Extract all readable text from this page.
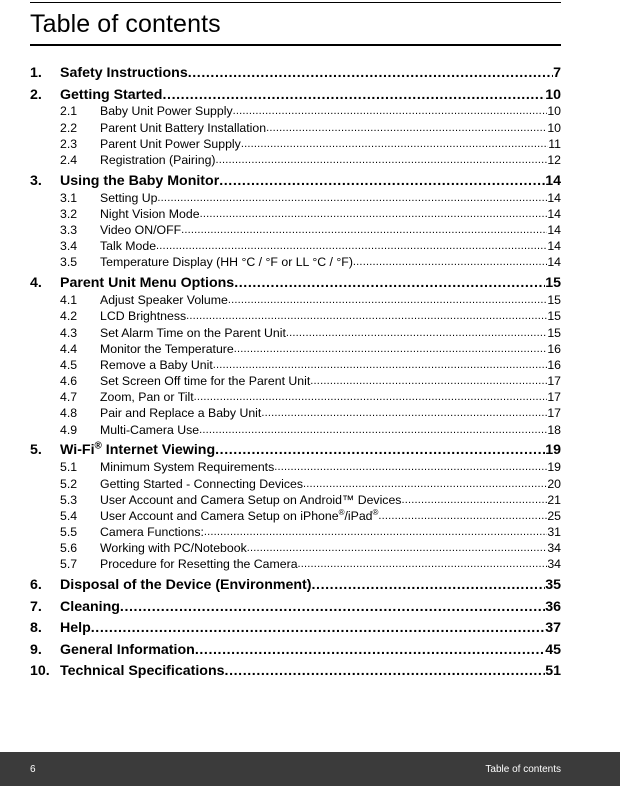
Table of contents
1.	Safety Instructions .....	7
2.	Getting Started .....	10
2.1	Baby Unit Power Supply .....	10
2.2	Parent Unit Battery Installation .....	10
2.3	Parent Unit Power Supply .....	11
2.4	Registration (Pairing) .....	12
3.	Using the Baby Monitor .....	14
3.1	Setting Up .....	14
3.2	Night Vision Mode .....	14
3.3	Video ON/OFF .....	14
3.4	Talk Mode .....	14
3.5	Temperature Display (HH °C / °F or LL °C / °F) .....	14
4.	Parent Unit Menu Options .....	15
4.1	Adjust Speaker Volume .....	15
4.2	LCD Brightness .....	15
4.3	Set Alarm Time on the Parent Unit .....	15
4.4	Monitor the Temperature .....	16
4.5	Remove a Baby Unit .....	16
4.6	Set Screen Off time for the Parent Unit .....	17
4.7	Zoom, Pan or Tilt .....	17
4.8	Pair and Replace a Baby Unit .....	17
4.9	Multi-Camera Use .....	18
5.	Wi-Fi® Internet Viewing .....	19
5.1	Minimum System Requirements .....	19
5.2	Getting Started - Connecting Devices .....	20
5.3	User Account and Camera Setup on Android™ Devices .....	21
5.4	User Account and Camera Setup on iPhone®/iPad® .....	25
5.5	Camera Functions: .....	31
5.6	Working with PC/Notebook .....	34
5.7	Procedure for Resetting the Camera .....	34
6.	Disposal of the Device (Environment) .....	35
7.	Cleaning .....	36
8.	Help .....	37
9.	General Information .....	45
10. Technical Specifications .....	51
6	Table of contents
